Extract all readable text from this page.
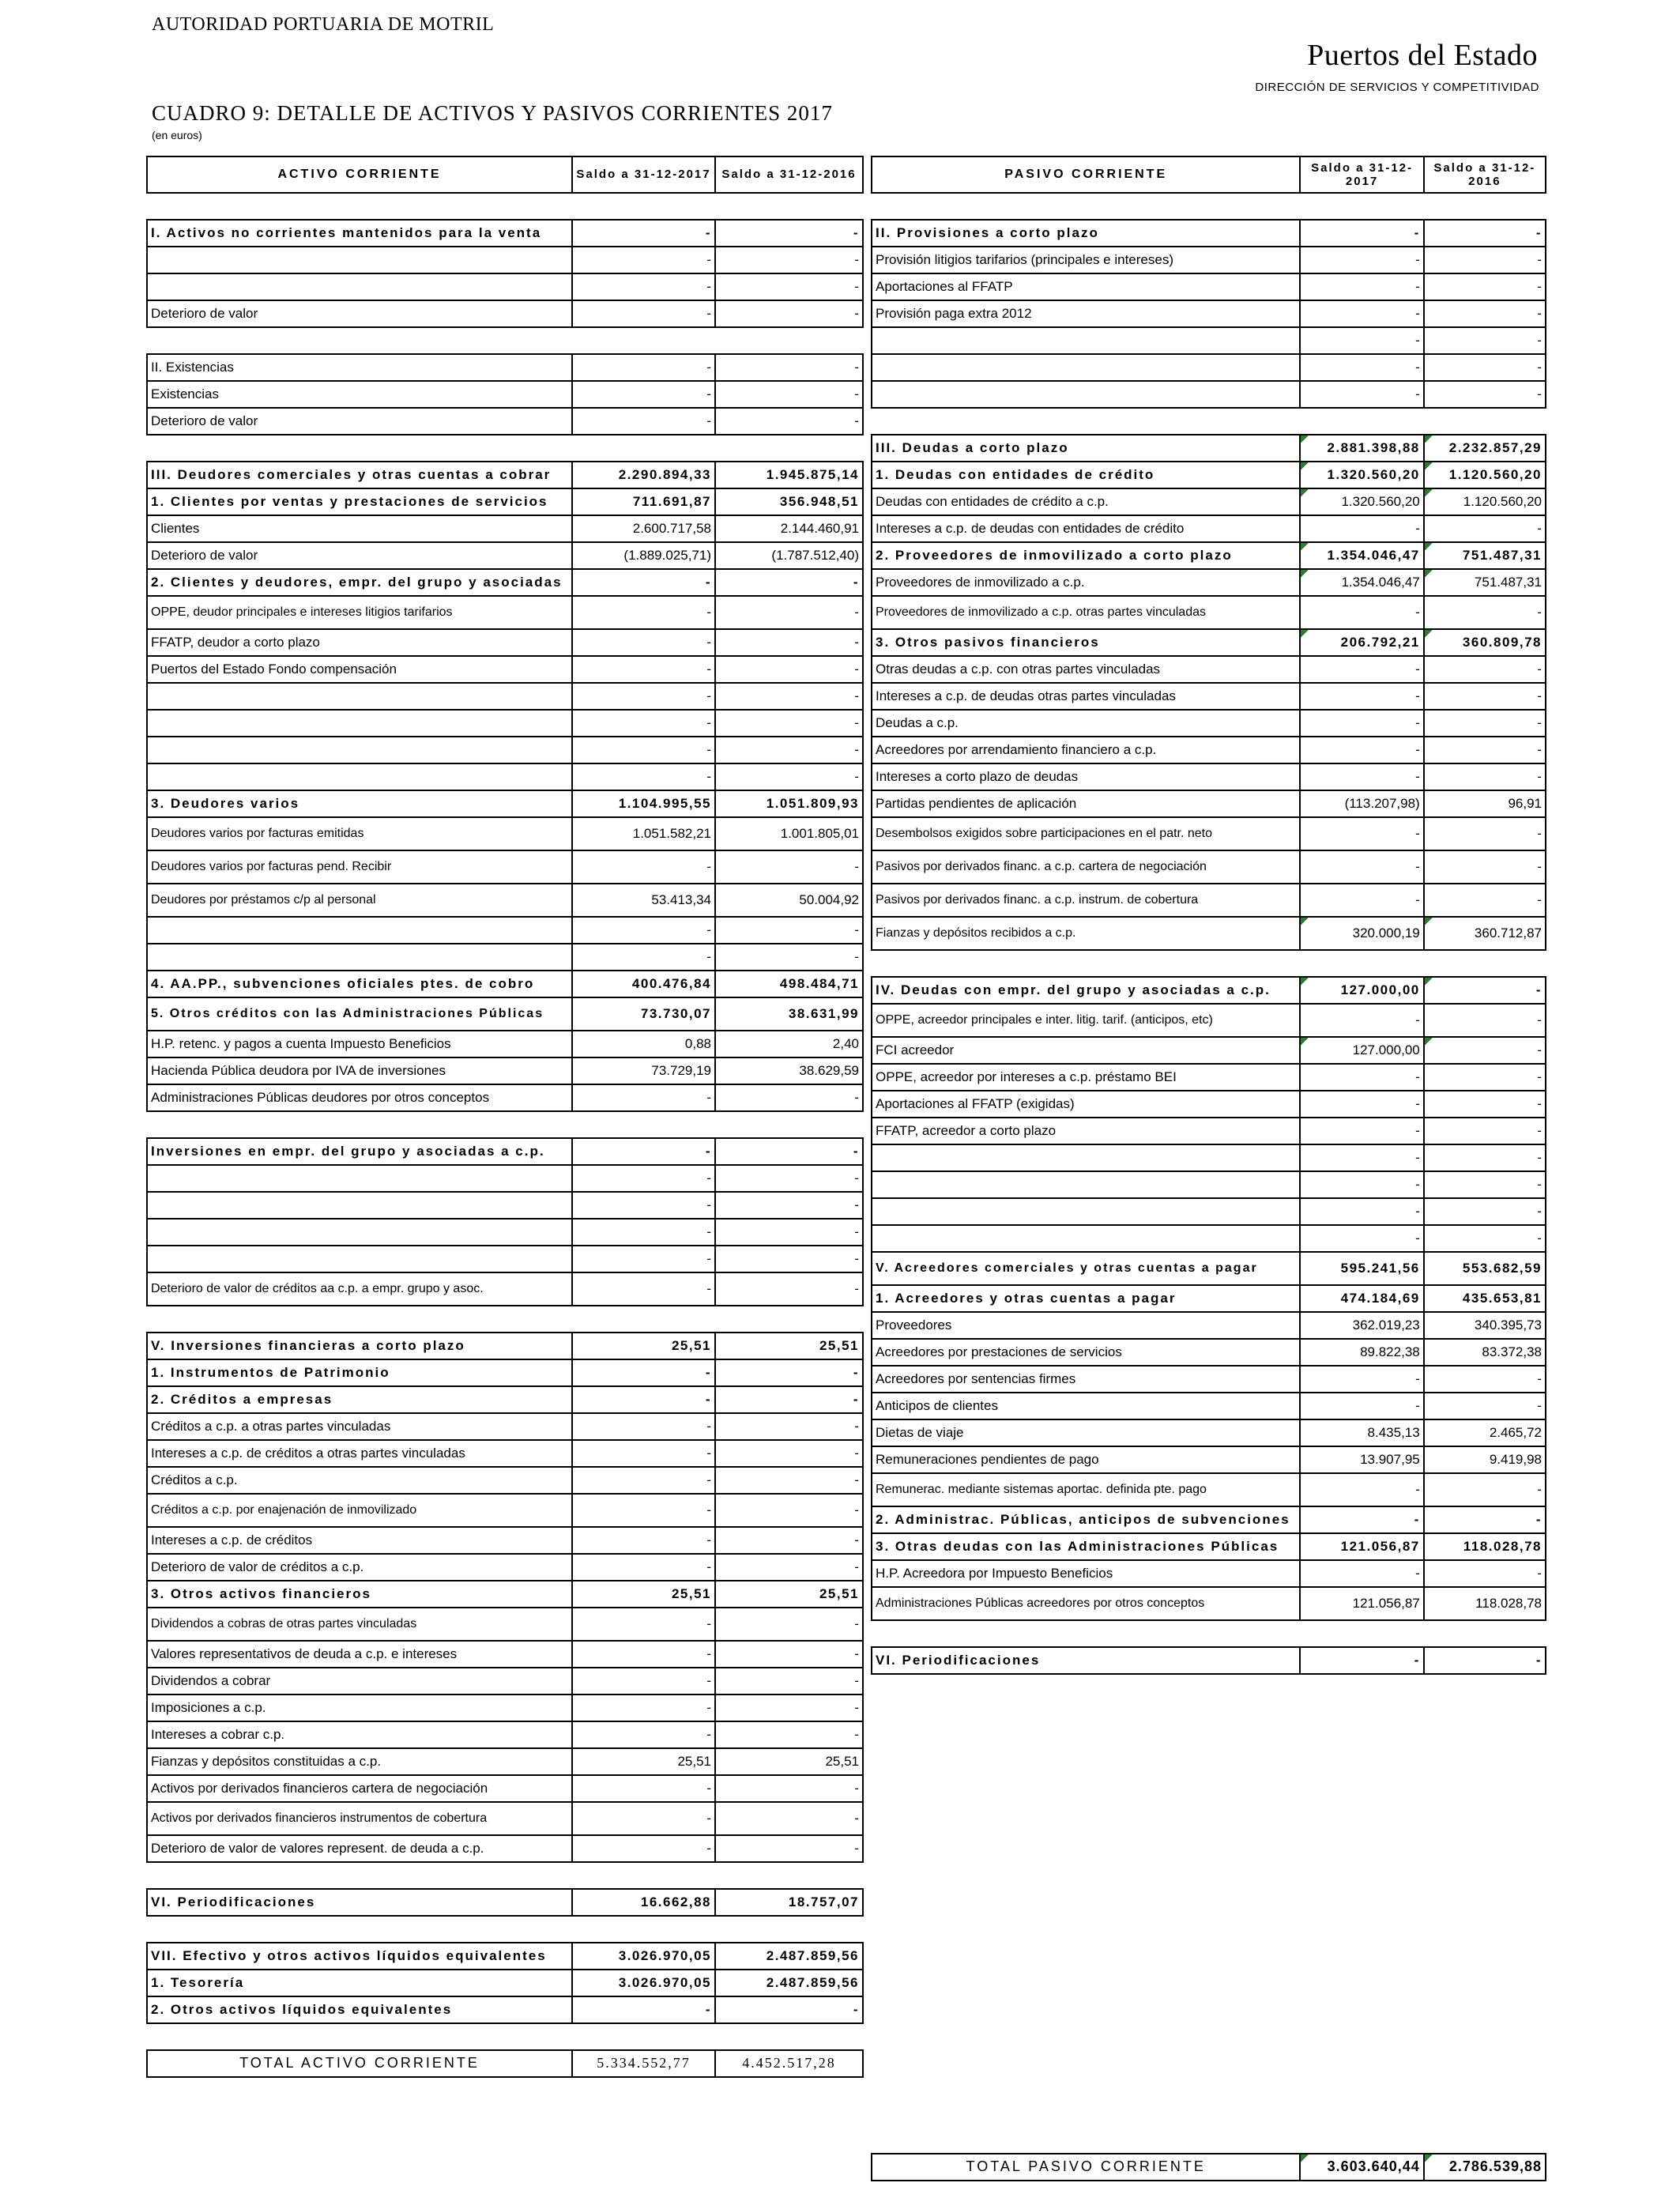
AUTORIDAD PORTUARIA DE MOTRIL
Puertos del Estado
DIRECCIÓN DE SERVICIOS Y COMPETITIVIDAD
CUADRO 9: DETALLE DE ACTIVOS Y PASIVOS CORRIENTES 2017
(en euros)
ACTIVO CORRIENTE	Saldo a 31-12-2017	Saldo a 31-12-2016

I. Activos no corrientes mantenidos para la venta	-	-
	-	-
	-	-
Deterioro de valor	-	-

II. Existencias	-	-
Existencias	-	-
Deterioro de valor	-	-

III. Deudores comerciales y otras cuentas a cobrar	2.290.894,33	1.945.875,14
1. Clientes por ventas y prestaciones de servicios	711.691,87	356.948,51
Clientes	2.600.717,58	2.144.460,91
Deterioro de valor	(1.889.025,71)	(1.787.512,40)
2. Clientes y deudores, empr. del grupo y asociadas	-	-
OPPE, deudor principales e intereses litigios tarifarios	-	-
FFATP, deudor a corto plazo	-	-
Puertos del Estado Fondo compensación	-	-
	-	-
	-	-
	-	-
	-	-
3. Deudores varios	1.104.995,55	1.051.809,93
Deudores varios por facturas emitidas	1.051.582,21	1.001.805,01
Deudores varios por facturas pend. Recibir	-	-
Deudores por préstamos c/p al personal	53.413,34	50.004,92
	-	-
	-	-
4. AA.PP., subvenciones oficiales ptes. de cobro	400.476,84	498.484,71
5. Otros créditos con las Administraciones Públicas	73.730,07	38.631,99
H.P. retenc. y pagos a cuenta Impuesto Beneficios	0,88	2,40
Hacienda Pública deudora por IVA de inversiones	73.729,19	38.629,59
Administraciones Públicas deudores por otros conceptos	-	-

Inversiones en empr. del grupo y asociadas a c.p.	-	-
	-	-
	-	-
	-	-
	-	-
Deterioro de valor de créditos aa c.p. a empr. grupo y asoc.	-	-

V. Inversiones financieras a corto plazo	25,51	25,51
1. Instrumentos de Patrimonio	-	-
2. Créditos a empresas	-	-
Créditos a c.p. a otras partes vinculadas	-	-
Intereses a c.p. de créditos a otras partes vinculadas	-	-
Créditos a c.p.	-	-
Créditos a c.p. por enajenación de inmovilizado	-	-
Intereses a c.p. de créditos	-	-
Deterioro de valor de créditos a c.p.	-	-
3. Otros activos financieros	25,51	25,51
Dividendos a cobras de otras partes vinculadas	-	-
Valores representativos de deuda a c.p. e intereses	-	-
Dividendos a cobrar	-	-
Imposiciones a c.p.	-	-
Intereses a cobrar c.p.	-	-
Fianzas y depósitos constituidas a c.p.	25,51	25,51
Activos por derivados financieros cartera de negociación	-	-
Activos por derivados financieros instrumentos de cobertura	-	-
Deterioro de valor de valores represent. de deuda a c.p.	-	-

VI. Periodificaciones	16.662,88	18.757,07

VII. Efectivo y otros activos líquidos equivalentes	3.026.970,05	2.487.859,56
1. Tesorería	3.026.970,05	2.487.859,56
2. Otros activos líquidos equivalentes	-	-

TOTAL ACTIVO CORRIENTE	5.334.552,77	4.452.517,28
PASIVO CORRIENTE	Saldo a 31-12-2017	Saldo a 31-12-2016

II. Provisiones a corto plazo	-	-
Provisión litigios tarifarios (principales e intereses)	-	-
Aportaciones al FFATP	-	-
Provisión paga extra 2012	-	-
	-	-
	-	-
	-	-

III. Deudas a corto plazo	2.881.398,88	2.232.857,29
1. Deudas con entidades de crédito	1.320.560,20	1.120.560,20
Deudas con entidades de crédito a c.p.	1.320.560,20	1.120.560,20
Intereses a c.p. de deudas con entidades de crédito	-	-
2. Proveedores de inmovilizado a corto plazo	1.354.046,47	751.487,31
Proveedores de inmovilizado a c.p.	1.354.046,47	751.487,31
Proveedores de inmovilizado a c.p. otras partes vinculadas	-	-
3. Otros pasivos financieros	206.792,21	360.809,78
Otras deudas a c.p. con otras partes vinculadas	-	-
Intereses a c.p. de deudas otras partes vinculadas	-	-
Deudas a c.p.	-	-
Acreedores por arrendamiento financiero a c.p.	-	-
Intereses a corto plazo de deudas	-	-
Partidas pendientes de aplicación	(113.207,98)	96,91
Desembolsos exigidos sobre participaciones en el patr. neto	-	-
Pasivos por derivados financ. a c.p. cartera de negociación	-	-
Pasivos por derivados financ. a c.p. instrum. de cobertura	-	-
Fianzas y depósitos recibidos a c.p.	320.000,19	360.712,87

IV. Deudas con empr. del grupo y asociadas a c.p.	127.000,00	-
OPPE, acreedor principales e inter. litig. tarif. (anticipos, etc)	-	-
FCI acreedor	127.000,00	-
OPPE, acreedor por intereses a c.p. préstamo BEI	-	-
Aportaciones al FFATP (exigidas)	-	-
FFATP, acreedor a corto plazo	-	-
	-	-
	-	-
	-	-
	-	-
V. Acreedores comerciales y otras cuentas a pagar	595.241,56	553.682,59
1. Acreedores y otras cuentas a pagar	474.184,69	435.653,81
Proveedores	362.019,23	340.395,73
Acreedores por prestaciones de servicios	89.822,38	83.372,38
Acreedores por sentencias firmes	-	-
Anticipos de clientes	-	-
Dietas de viaje	8.435,13	2.465,72
Remuneraciones pendientes de pago	13.907,95	9.419,98
Remunerac. mediante sistemas aportac. definida pte. pago	-	-
2. Administrac. Públicas, anticipos de subvenciones	-	-
3. Otras deudas con las Administraciones Públicas	121.056,87	118.028,78
H.P. Acreedora por Impuesto Beneficios	-	-
Administraciones Públicas acreedores por otros conceptos	121.056,87	118.028,78

VI. Periodificaciones	-	-
TOTAL PASIVO CORRIENTE	3.603.640,44	2.786.539,88
